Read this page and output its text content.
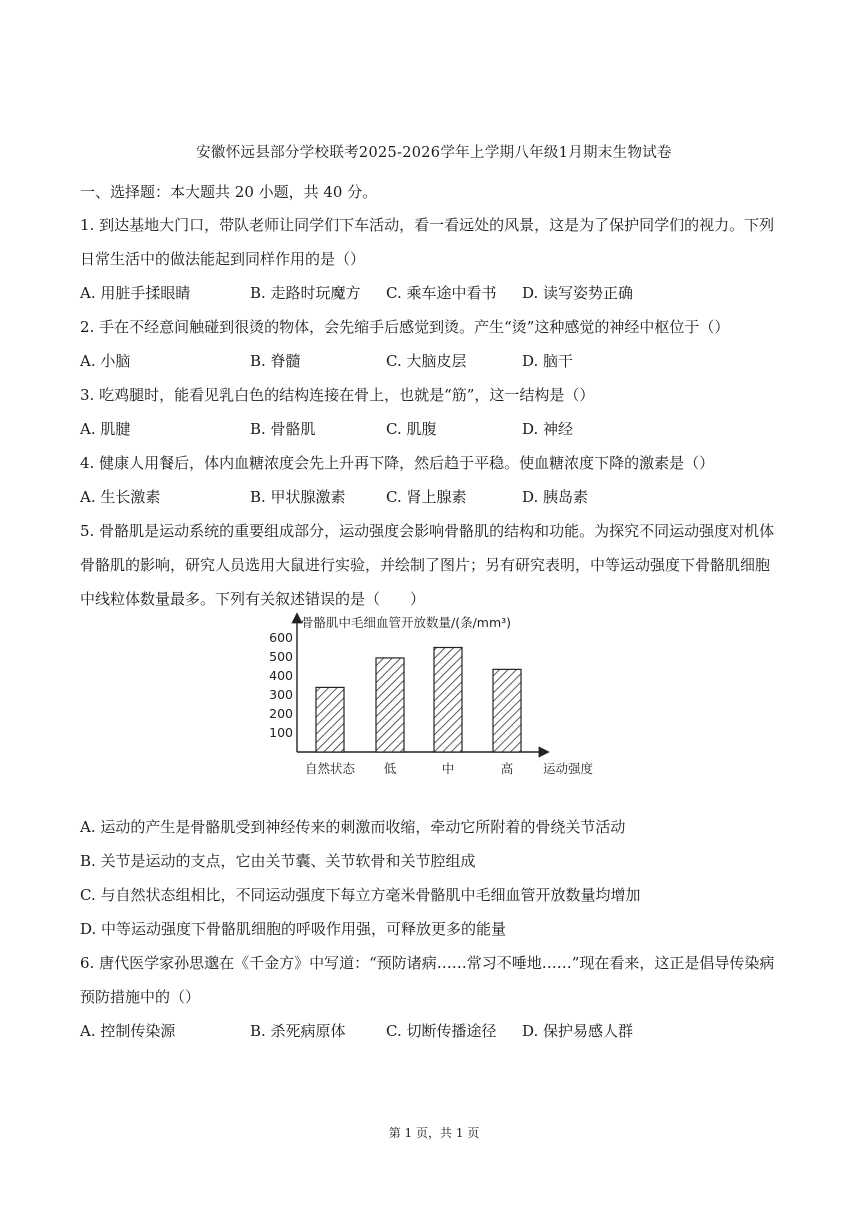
安徽怀远县部分学校联考2025-2026学年上学期八年级1月期末生物试卷
一、选择题：本大题共 20 小题，共 40 分。
1. 到达基地大门口，带队老师让同学们下车活动，看一看远处的风景，这是为了保护同学们的视力。下列
日常生活中的做法能起到同样作用的是（）
A. 用脏手揉眼睛	B. 走路时玩魔方 C. 乘车途中看书 D. 读写姿势正确
2. 手在不经意间触碰到很烫的物体，会先缩手后感觉到烫。产生“烫”这种感觉的神经中枢位于（）
A. 小脑	B. 脊髓	C. 大脑皮层	D. 脑干
3. 吃鸡腿时，能看见乳白色的结构连接在骨上，也就是“筋”，这一结构是（）
A. 肌腱	B. 骨骼肌	C. 肌腹	D. 神经
4. 健康人用餐后，体内血糖浓度会先上升再下降，然后趋于平稳。使血糖浓度下降的激素是（）
A. 生长激素	B. 甲状腺激素	C. 肾上腺素	D. 胰岛素
5. 骨骼肌是运动系统的重要组成部分，运动强度会影响骨骼肌的结构和功能。为探究不同运动强度对机体
骨骼肌的影响，研究人员选用大鼠进行实验，并绘制了图片；另有研究表明，中等运动强度下骨骼肌细胞
中线粒体数量最多。下列有关叙述错误的是（　　）
骨骼肌中毛细血管开放数量/(条/mm³)
运动强度
100
200
300
400
500
600
自然状态 低	中	高
A. 运动的产生是骨骼肌受到神经传来的刺激而收缩，牵动它所附着的骨绕关节活动
B. 关节是运动的支点，它由关节囊、关节软骨和关节腔组成
C. 与自然状态组相比，不同运动强度下每立方毫米骨骼肌中毛细血管开放数量均增加
D. 中等运动强度下骨骼肌细胞的呼吸作用强，可释放更多的能量
6. 唐代医学家孙思邈在《千金方》中写道：“预防诸病……常习不唾地……”现在看来，这正是倡导传染病
预防措施中的（）
A. 控制传染源	B. 杀死病原体	C. 切断传播途径 D. 保护易感人群
第 1 页，共 1 页
